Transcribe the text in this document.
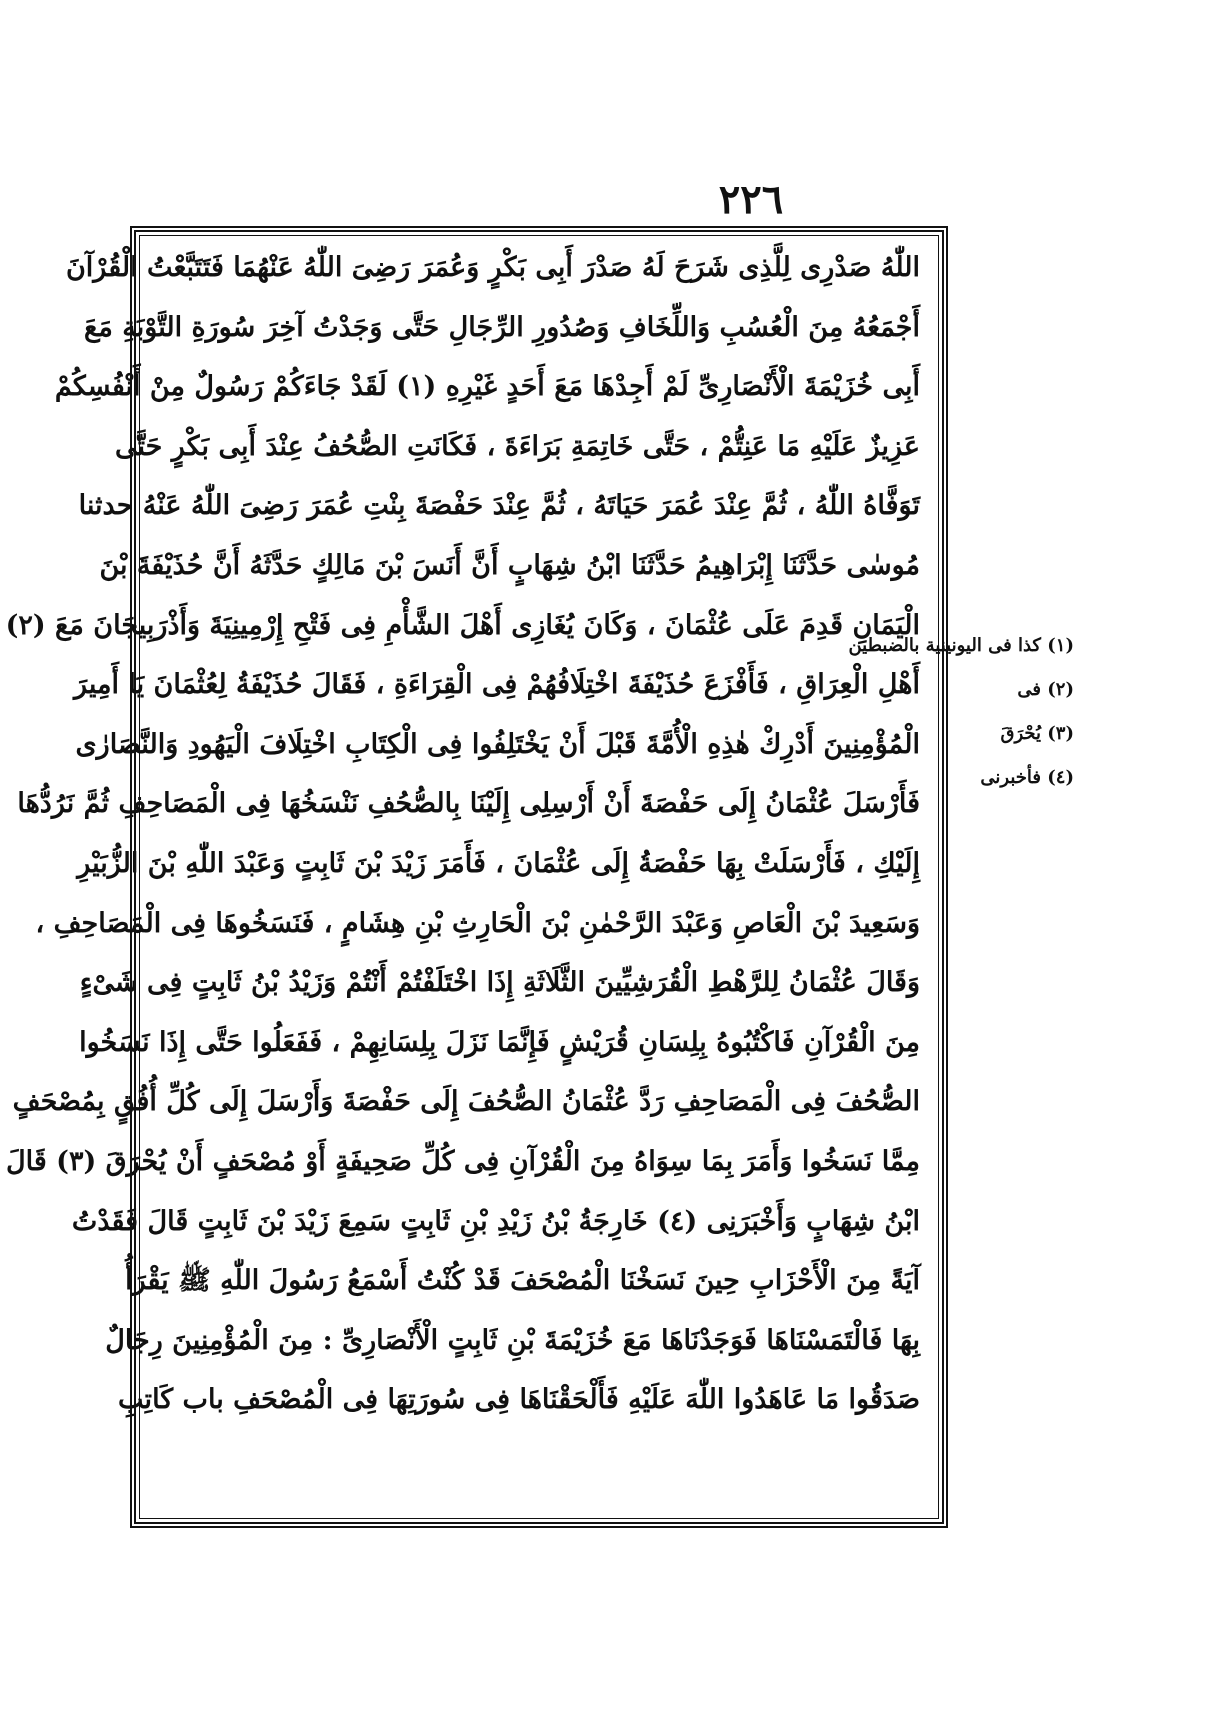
٢٢٦
اللّٰهُ صَدْرِی لِلَّذِی شَرَحَ لَهُ صَدْرَ أَبِی بَكْرٍ وَعُمَرَ رَضِیَ اللّٰهُ عَنْهُمَا فَتَتَبَّعْتُ الْقُرْآنَ
أَجْمَعُهُ مِنَ الْعُسُبِ وَاللِّخَافِ وَصُدُورِ الرِّجَالِ حَتَّی وَجَدْتُ آخِرَ سُورَةِ التَّوْبَةِ مَعَ
أَبِی خُزَیْمَةَ الْأَنْصَارِیِّ لَمْ أَجِدْهَا مَعَ أَحَدٍ غَیْرِهِ (١) لَقَدْ جَاءَكُمْ رَسُولٌ مِنْ أَنْفُسِكُمْ
عَزِیزٌ عَلَیْهِ مَا عَنِتُّمْ ، حَتَّی خَاتِمَةِ بَرَاءَةَ ، فَكَانَتِ الصُّحُفُ عِنْدَ أَبِی بَكْرٍ حَتَّی
تَوَفَّاهُ اللّٰهُ ، ثُمَّ عِنْدَ عُمَرَ حَیَاتَهُ ، ثُمَّ عِنْدَ حَفْصَةَ بِنْتِ عُمَرَ رَضِیَ اللّٰهُ عَنْهُ حدثنا
مُوسٰی حَدَّثَنَا إِبْرَاهِیمُ حَدَّثَنَا ابْنُ شِهَابٍ أَنَّ أَنَسَ بْنَ مَالِكٍ حَدَّثَهُ أَنَّ حُذَیْفَةَ بْنَ
الْیَمَانِ قَدِمَ عَلَی عُثْمَانَ ، وَكَانَ یُغَازِی أَهْلَ الشَّأْمِ فِی فَتْحِ إِرْمِینِیَةَ وَأَذْرَبِیجَانَ مَعَ (٢)
أَهْلِ الْعِرَاقِ ، فَأَفْزَعَ حُذَیْفَةَ اخْتِلَافُهُمْ فِی الْقِرَاءَةِ ، فَقَالَ حُذَیْفَةُ لِعُثْمَانَ یَا أَمِیرَ
الْمُؤْمِنِینَ أَدْرِكْ هٰذِهِ الْأُمَّةَ قَبْلَ أَنْ یَخْتَلِفُوا فِی الْكِتَابِ اخْتِلَافَ الْیَهُودِ وَالنَّصَارٰی
فَأَرْسَلَ عُثْمَانُ إِلَی حَفْصَةَ أَنْ أَرْسِلِی إِلَیْنَا بِالصُّحُفِ نَنْسَخُهَا فِی الْمَصَاحِفِ ثُمَّ نَرُدُّهَا
إِلَیْكِ ، فَأَرْسَلَتْ بِهَا حَفْصَةُ إِلَی عُثْمَانَ ، فَأَمَرَ زَیْدَ بْنَ ثَابِتٍ وَعَبْدَ اللّٰهِ بْنَ الزُّبَیْرِ
وَسَعِیدَ بْنَ الْعَاصِ وَعَبْدَ الرَّحْمٰنِ بْنَ الْحَارِثِ بْنِ هِشَامٍ ، فَنَسَخُوهَا فِی الْمَصَاحِفِ ،
وَقَالَ عُثْمَانُ لِلرَّهْطِ الْقُرَشِیِّینَ الثَّلَاثَةِ إِذَا اخْتَلَفْتُمْ أَنْتُمْ وَزَیْدُ بْنُ ثَابِتٍ فِی شَیْءٍ
مِنَ الْقُرْآنِ فَاكْتُبُوهُ بِلِسَانِ قُرَیْشٍ فَإِنَّمَا نَزَلَ بِلِسَانِهِمْ ، فَفَعَلُوا حَتَّی إِذَا نَسَخُوا
الصُّحُفَ فِی الْمَصَاحِفِ رَدَّ عُثْمَانُ الصُّحُفَ إِلَی حَفْصَةَ وَأَرْسَلَ إِلَی كُلِّ أُفُقٍ بِمُصْحَفٍ
مِمَّا نَسَخُوا وَأَمَرَ بِمَا سِوَاهُ مِنَ الْقُرْآنِ فِی كُلِّ صَحِیفَةٍ أَوْ مُصْحَفٍ أَنْ یُحْرَقَ (٣) قَالَ
ابْنُ شِهَابٍ وَأَخْبَرَنِی (٤) خَارِجَةُ بْنُ زَیْدِ بْنِ ثَابِتٍ سَمِعَ زَیْدَ بْنَ ثَابِتٍ قَالَ فَقَدْتُ
آیَةً مِنَ الْأَحْزَابِ حِینَ نَسَخْنَا الْمُصْحَفَ قَدْ كُنْتُ أَسْمَعُ رَسُولَ اللّٰهِ ﷺ یَقْرَأُ
بِهَا فَالْتَمَسْنَاهَا فَوَجَدْنَاهَا مَعَ خُزَیْمَةَ بْنِ ثَابِتٍ الْأَنْصَارِیِّ : مِنَ الْمُؤْمِنِینَ رِجَالٌ
صَدَقُوا مَا عَاهَدُوا اللّٰهَ عَلَیْهِ فَأَلْحَقْنَاهَا فِی سُورَتِهَا فِی الْمُصْحَفِ باب كَاتِبِ
(١) كذا فی الیونینیة بالضبطین
(٢) فی
(٣) یُحْرَقَ
(٤) فأخبرنی
